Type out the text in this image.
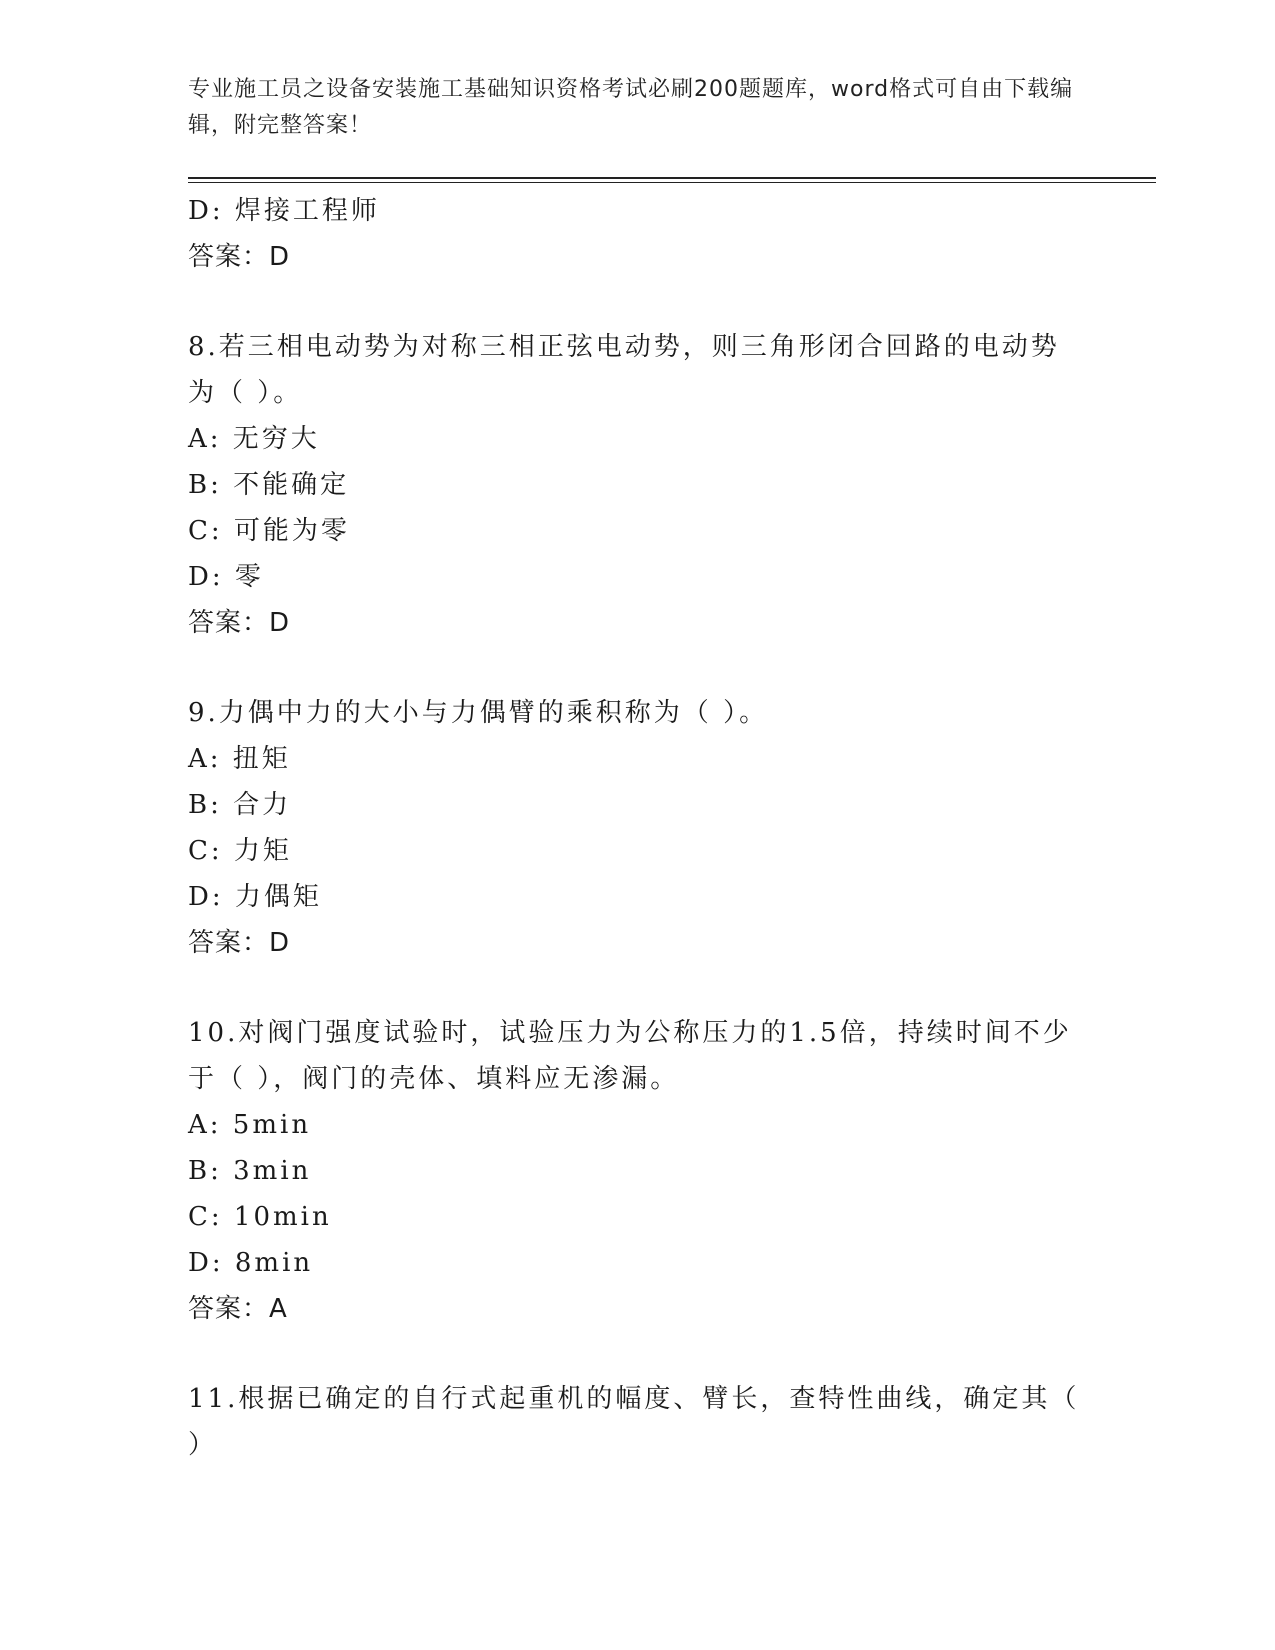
专业施工员之设备安装施工基础知识资格考试必刷200题题库，word格式可自由下载编辑，附完整答案！
D: 焊接工程师
答案：D
8.若三相电动势为对称三相正弦电动势，则三角形闭合回路的电动势
为（ ）。
A: 无穷大
B: 不能确定
C: 可能为零
D: 零
答案：D
9.力偶中力的大小与力偶臂的乘积称为（ ）。
A: 扭矩
B: 合力
C: 力矩
D: 力偶矩
答案：D
10.对阀门强度试验时，试验压力为公称压力的1.5倍，持续时间不少
于（ ），阀门的壳体、填料应无渗漏。
A: 5min
B: 3min
C: 10min
D: 8min
答案：A
11.根据已确定的自行式起重机的幅度、臂长，查特性曲线，确定其（
）
